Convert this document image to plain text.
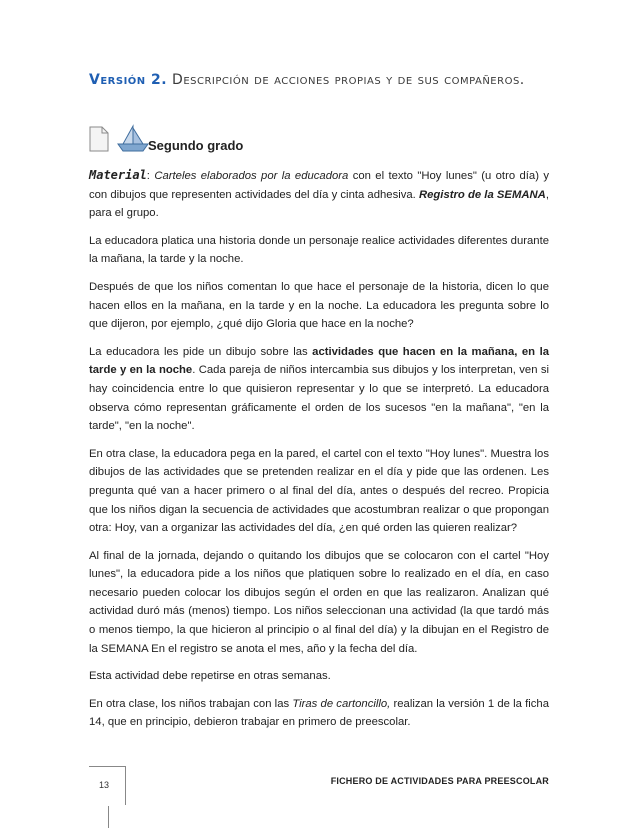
Versión 2. Descripción de acciones propias y de sus compañeros.
Segundo grado

Material: Carteles elaborados por la educadora con el texto "Hoy lunes" (u otro día) y con dibujos que representen actividades del día y cinta adhesiva. Registro de la SEMANA, para el grupo.

La educadora platica una historia donde un personaje realice actividades diferentes durante la mañana, la tarde y la noche.

Después de que los niños comentan lo que hace el personaje de la historia, dicen lo que hacen ellos en la mañana, en la tarde y en la noche. La educadora les pregunta sobre lo que dijeron, por ejemplo, ¿qué dijo Gloria que hace en la noche?

La educadora les pide un dibujo sobre las actividades que hacen en la mañana, en la tarde y en la noche. Cada pareja de niños intercambia sus dibujos y los interpretan, ven si hay coincidencia entre lo que quisieron representar y lo que se interpretó. La educadora observa cómo representan gráficamente el orden de los sucesos "en la mañana", "en la tarde", "en la noche".

En otra clase, la educadora pega en la pared, el cartel con el texto "Hoy lunes". Muestra los dibujos de las actividades que se pretenden realizar en el día y pide que las ordenen. Les pregunta qué van a hacer primero o al final del día, antes o después del recreo. Propicia que los niños digan la secuencia de actividades que acostumbran realizar o que propongan otra: Hoy, van a organizar las actividades del día, ¿en qué orden las quieren realizar?

Al final de la jornada, dejando o quitando los dibujos que se colocaron con el cartel "Hoy lunes", la educadora pide a los niños que platiquen sobre lo realizado en el día, en caso necesario pueden colocar los dibujos según el orden en que las realizaron. Analizan qué actividad duró más (menos) tiempo. Los niños seleccionan una actividad (la que tardó más o menos tiempo, la que hicieron al principio o al final del día) y la dibujan en el Registro de la SEMANA En el registro se anota el mes, año y la fecha del día.

Esta actividad debe repetirse en otras semanas.

En otra clase, los niños trabajan con las Tiras de cartoncillo, realizan la versión 1 de la ficha 14, que en principio, debieron trabajar en primero de preescolar.

13	FICHERO DE ACTIVIDADES PARA PREESCOLAR
